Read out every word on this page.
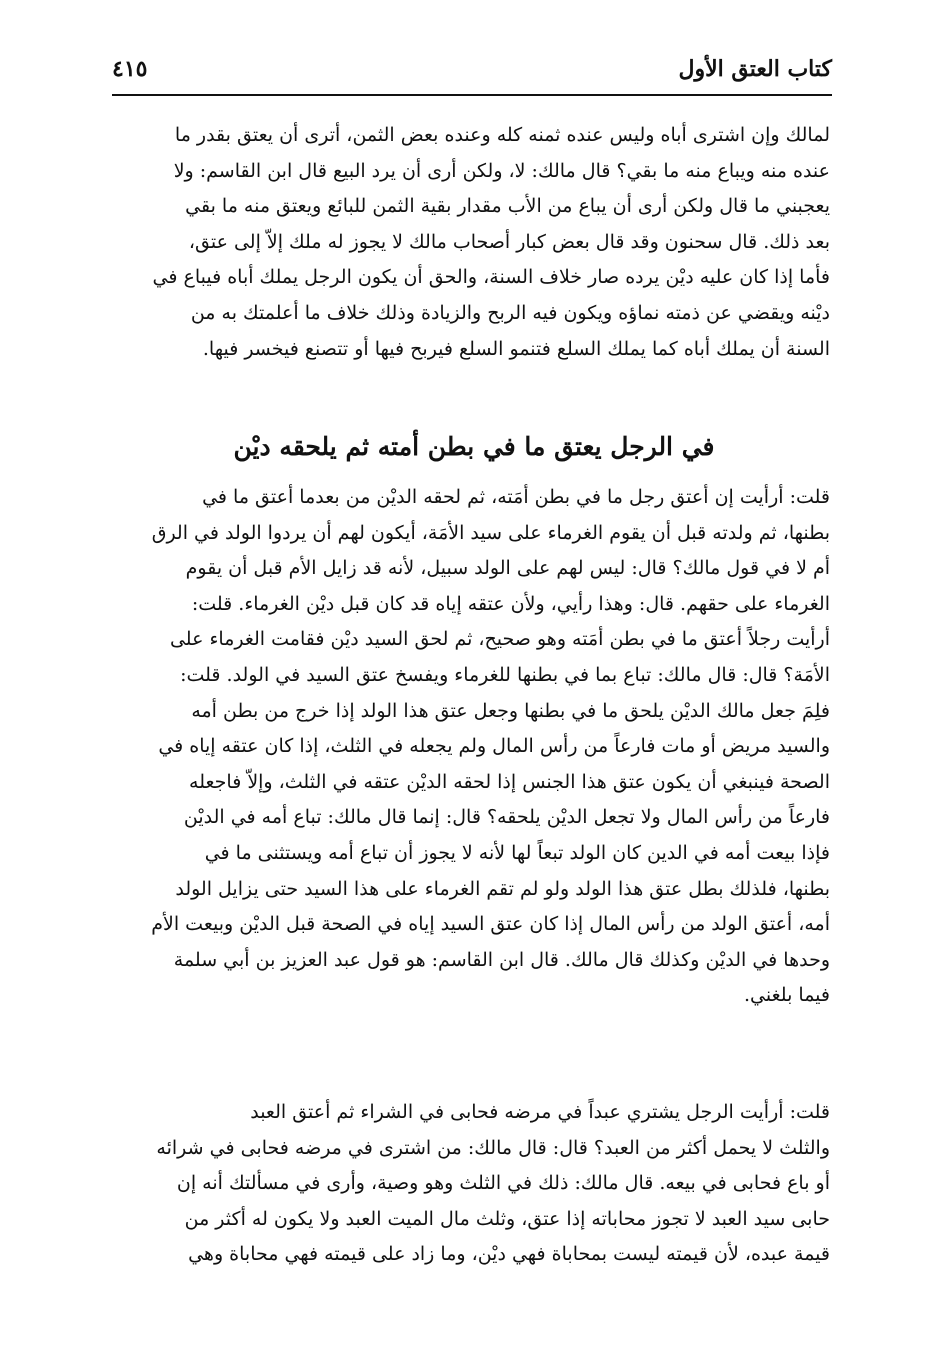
كتاب العتق الأول
٤١٥
لمالك وإن اشترى أباه وليس عنده ثمنه كله وعنده بعض الثمن، أترى أن يعتق بقدر ما
عنده منه ويباع منه ما بقي؟ قال مالك: لا، ولكن أرى أن يرد البيع قال ابن القاسم: ولا
يعجبني ما قال ولكن أرى أن يباع من الأب مقدار بقية الثمن للبائع ويعتق منه ما بقي
بعد ذلك. قال سحنون وقد قال بعض كبار أصحاب مالك لا يجوز له ملك إلاّ إلى عتق،
فأما إذا كان عليه ديْن يرده صار خلاف السنة، والحق أن يكون الرجل يملك أباه فيباع في
ديْنه ويقضي عن ذمته نماؤه ويكون فيه الربح والزيادة وذلك خلاف ما أعلمتك به من
السنة أن يملك أباه كما يملك السلع فتنمو السلع فيربح فيها أو تتصنع فيخسر فيها.
في الرجل يعتق ما في بطن أمته ثم يلحقه ديْن
قلت: أرأيت إن أعتق رجل ما في بطن أمَته، ثم لحقه الديْن من بعدما أعتق ما في
بطنها، ثم ولدته قبل أن يقوم الغرماء على سيد الأمَة، أيكون لهم أن يردوا الولد في الرق
أم لا في قول مالك؟ قال: ليس لهم على الولد سبيل، لأنه قد زايل الأم قبل أن يقوم
الغرماء على حقهم. قال: وهذا رأيي، ولأن عتقه إياه قد كان قبل ديْن الغرماء. قلت:
أرأيت رجلاً أعتق ما في بطن أمَته وهو صحيح، ثم لحق السيد ديْن فقامت الغرماء على
الأمَة؟ قال: قال مالك: تباع بما في بطنها للغرماء ويفسخ عتق السيد في الولد. قلت:
فلِمَ جعل مالك الديْن يلحق ما في بطنها وجعل عتق هذا الولد إذا خرج من بطن أمه
والسيد مريض أو مات فارعاً من رأس المال ولم يجعله في الثلث، إذا كان عتقه إياه في
الصحة فينبغي أن يكون عتق هذا الجنس إذا لحقه الديْن عتقه في الثلث، وإلاّ فاجعله
فارعاً من رأس المال ولا تجعل الديْن يلحقه؟ قال: إنما قال مالك: تباع أمه في الديْن
فإذا بيعت أمه في الدين كان الولد تبعاً لها لأنه لا يجوز أن تباع أمه ويستثنى ما في
بطنها، فلذلك بطل عتق هذا الولد ولو لم تقم الغرماء على هذا السيد حتى يزايل الولد
أمه، أعتق الولد من رأس المال إذا كان عتق السيد إياه في الصحة قبل الديْن وبيعت الأم
وحدها في الديْن وكذلك قال مالك. قال ابن القاسم: هو قول عبد العزيز بن أبي سلمة
فيما بلغني.
قلت: أرأيت الرجل يشتري عبداً في مرضه فحابى في الشراء ثم أعتق العبد
والثلث لا يحمل أكثر من العبد؟ قال: قال مالك: من اشترى في مرضه فحابى في شرائه
أو باع فحابى في بيعه. قال مالك: ذلك في الثلث وهو وصية، وأرى في مسألتك أنه إن
حابى سيد العبد لا تجوز محاباته إذا عتق، وثلث مال الميت العبد ولا يكون له أكثر من
قيمة عبده، لأن قيمته ليست بمحاباة فهي ديْن، وما زاد على قيمته فهي محاباة وهي
